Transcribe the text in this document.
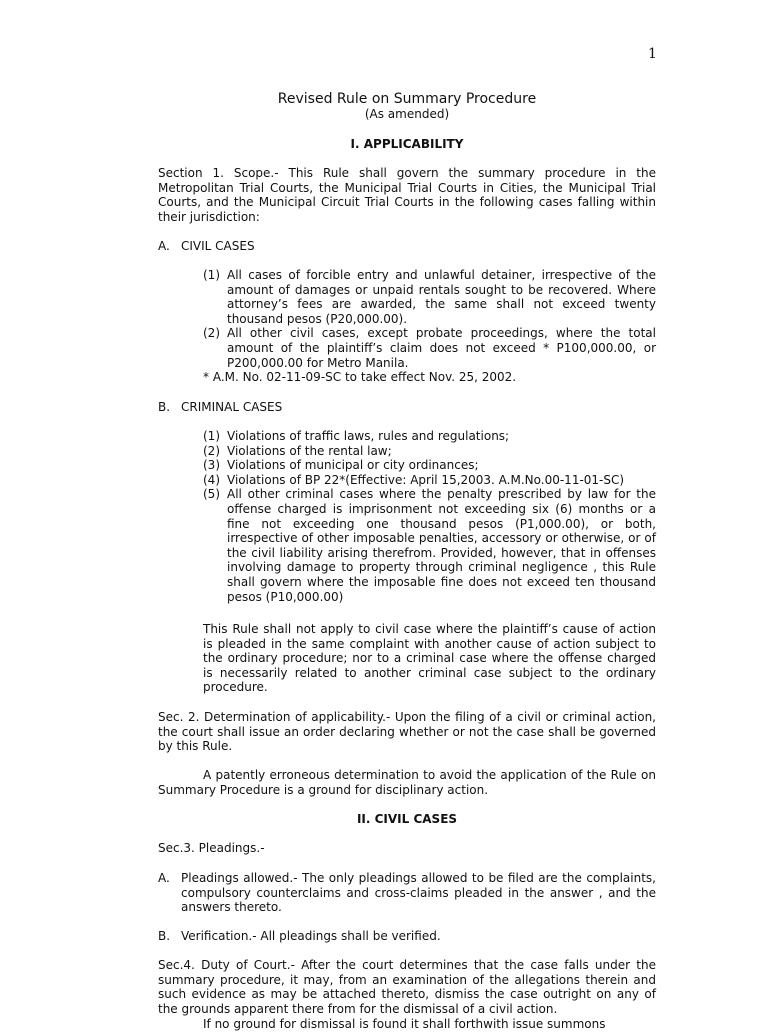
1
Revised Rule on Summary Procedure
(As amended)
I. APPLICABILITY
Section 1. Scope.- This Rule shall govern the summary procedure in the Metropolitan Trial Courts, the Municipal Trial Courts in Cities, the Municipal Trial Courts, and the Municipal Circuit Trial Courts in the following cases falling within their jurisdiction:
A. CIVIL CASES
(1) All cases of forcible entry and unlawful detainer, irrespective of the amount of damages or unpaid rentals sought to be recovered. Where attorney’s fees are awarded, the same shall not exceed twenty thousand pesos (P20,000.00).
(2) All other civil cases, except probate proceedings, where the total amount of the plaintiff’s claim does not exceed * P100,000.00, or P200,000.00 for Metro Manila.
* A.M. No. 02-11-09-SC to take effect Nov. 25, 2002.
B. CRIMINAL CASES
(1) Violations of traffic laws, rules and regulations;
(2) Violations of the rental law;
(3) Violations of municipal or city ordinances;
(4) Violations of BP 22*(Effective: April 15,2003. A.M.No.00-11-01-SC)
(5) All other criminal cases where the penalty prescribed by law for the offense charged is imprisonment not exceeding six (6) months or a fine not exceeding one thousand pesos (P1,000.00), or both, irrespective of other imposable penalties, accessory or otherwise, or of the civil liability arising therefrom. Provided, however, that in offenses involving damage to property through criminal negligence , this Rule shall govern where the imposable fine does not exceed ten thousand pesos (P10,000.00)
This Rule shall not apply to civil case where the plaintiff’s cause of action is pleaded in the same complaint with another cause of action subject to the ordinary procedure; nor to a criminal case where the offense charged is necessarily related to another criminal case subject to the ordinary procedure.
Sec. 2. Determination of applicability.- Upon the filing of a civil or criminal action, the court shall issue an order declaring whether or not the case shall be governed by this Rule.
A patently erroneous determination to avoid the application of the Rule on Summary Procedure is a ground for disciplinary action.
II. CIVIL CASES
Sec.3. Pleadings.-
A. Pleadings allowed.- The only pleadings allowed to be filed are the complaints, compulsory counterclaims and cross-claims pleaded in the answer , and the answers thereto.
B. Verification.- All pleadings shall be verified.
Sec.4. Duty of Court.- After the court determines that the case falls under the summary procedure, it may, from an examination of the allegations therein and such evidence as may be attached thereto, dismiss the case outright on any of the grounds apparent there from for the dismissal of a civil action.
If no ground for dismissal is found it shall forthwith issue summons
